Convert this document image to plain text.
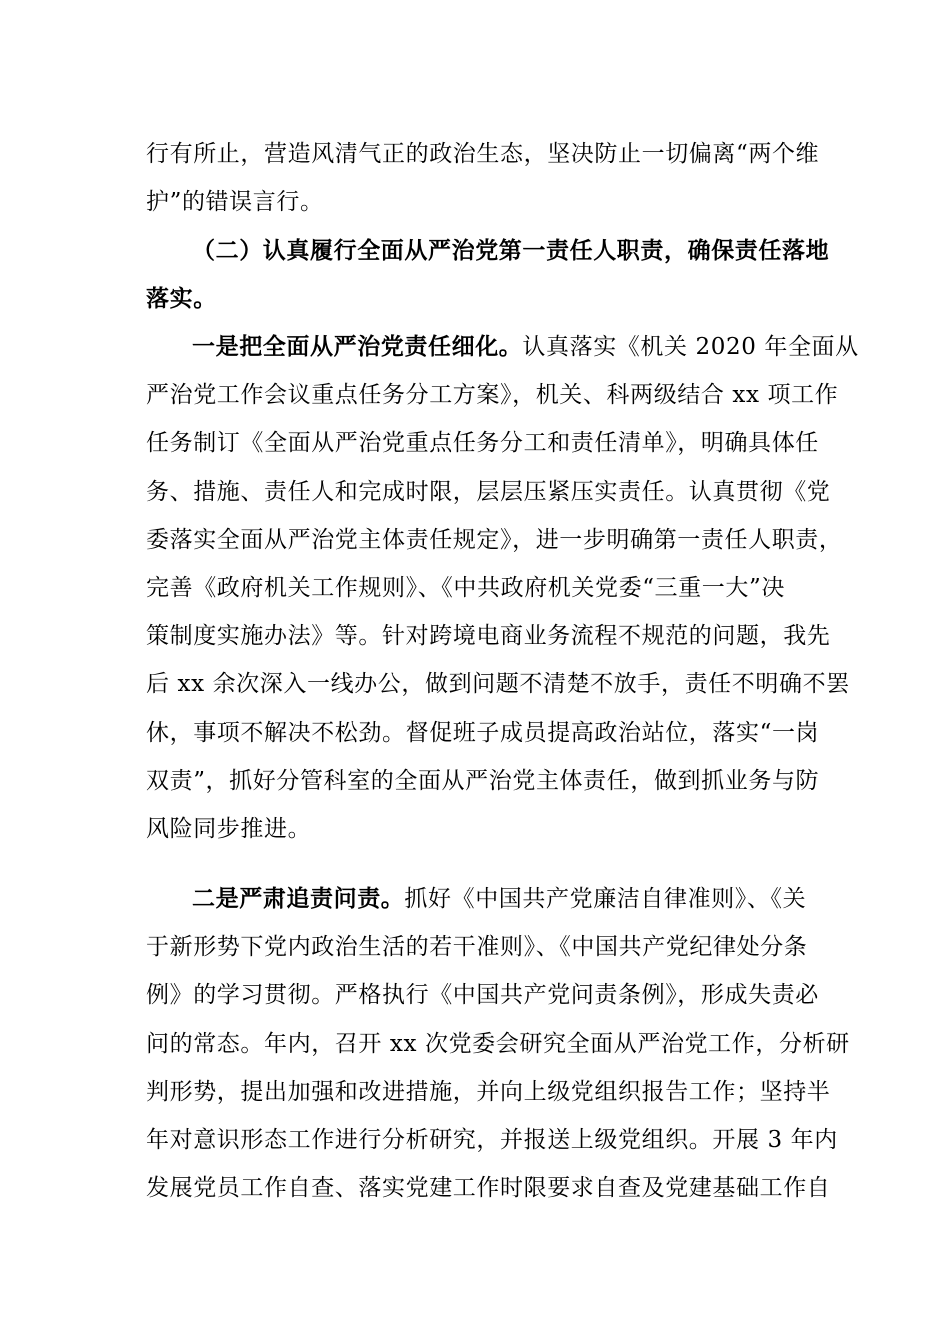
行有所止，营造风清气正的政治生态，坚决防止一切偏离“两个维
护”的错误言行。
（二）认真履行全面从严治党第一责任人职责，确保责任落地
落实。
一是把全面从严治党责任细化。认真落实《机关 2020 年全面从
严治党工作会议重点任务分工方案》，机关、科两级结合 xx 项工作
任务制订《全面从严治党重点任务分工和责任清单》，明确具体任
务、措施、责任人和完成时限，层层压紧压实责任。认真贯彻《党
委落实全面从严治党主体责任规定》，进一步明确第一责任人职责，
完善《政府机关工作规则》、《中共政府机关党委“三重一大”决
策制度实施办法》等。针对跨境电商业务流程不规范的问题，我先
后 xx 余次深入一线办公，做到问题不清楚不放手，责任不明确不罢
休，事项不解决不松劲。督促班子成员提高政治站位，落实“一岗
双责”，抓好分管科室的全面从严治党主体责任，做到抓业务与防
风险同步推进。
二是严肃追责问责。抓好《中国共产党廉洁自律准则》、《关
于新形势下党内政治生活的若干准则》、《中国共产党纪律处分条
例》的学习贯彻。严格执行《中国共产党问责条例》，形成失责必
问的常态。年内，召开 xx 次党委会研究全面从严治党工作，分析研
判形势，提出加强和改进措施，并向上级党组织报告工作；坚持半
年对意识形态工作进行分析研究，并报送上级党组织。开展 3 年内
发展党员工作自查、落实党建工作时限要求自查及党建基础工作自
